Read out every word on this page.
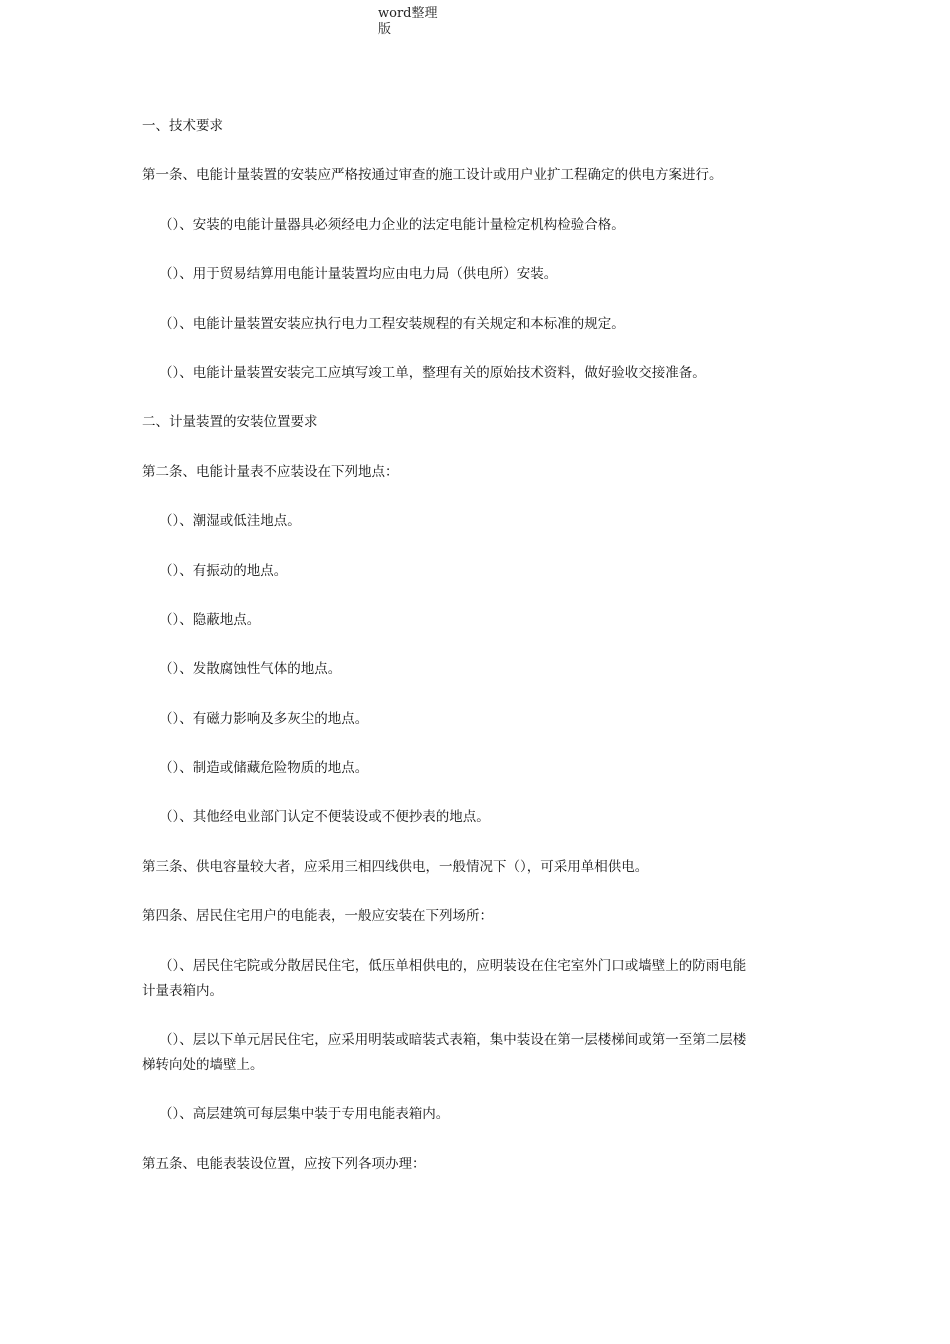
word整理
版

一、技术要求

第一条、电能计量装置的安装应严格按通过审查的施工设计或用户业扩工程确定的供电方案进行。

（）、安装的电能计量器具必须经电力企业的法定电能计量检定机构检验合格。

（）、用于贸易结算用电能计量装置均应由电力局（供电所）安装。

（）、电能计量装置安装应执行电力工程安装规程的有关规定和本标准的规定。

（）、电能计量装置安装完工应填写竣工单，整理有关的原始技术资料，做好验收交接准备。

二、计量装置的安装位置要求

第二条、电能计量表不应装设在下列地点：

（）、潮湿或低洼地点。

（）、有振动的地点。

（）、隐蔽地点。

（）、发散腐蚀性气体的地点。

（）、有磁力影响及多灰尘的地点。

（）、制造或储藏危险物质的地点。

（）、其他经电业部门认定不便装设或不便抄表的地点。

第三条、供电容量较大者，应采用三相四线供电，一般情况下（），可采用单相供电。

第四条、居民住宅用户的电能表，一般应安装在下列场所：

（）、居民住宅院或分散居民住宅，低压单相供电的，应明装设在住宅室外门口或墙壁上的防雨电能
计量表箱内。

（）、层以下单元居民住宅，应采用明装或暗装式表箱，集中装设在第一层楼梯间或第一至第二层楼
梯转向处的墙壁上。

（）、高层建筑可每层集中装于专用电能表箱内。

第五条、电能表装设位置，应按下列各项办理：
